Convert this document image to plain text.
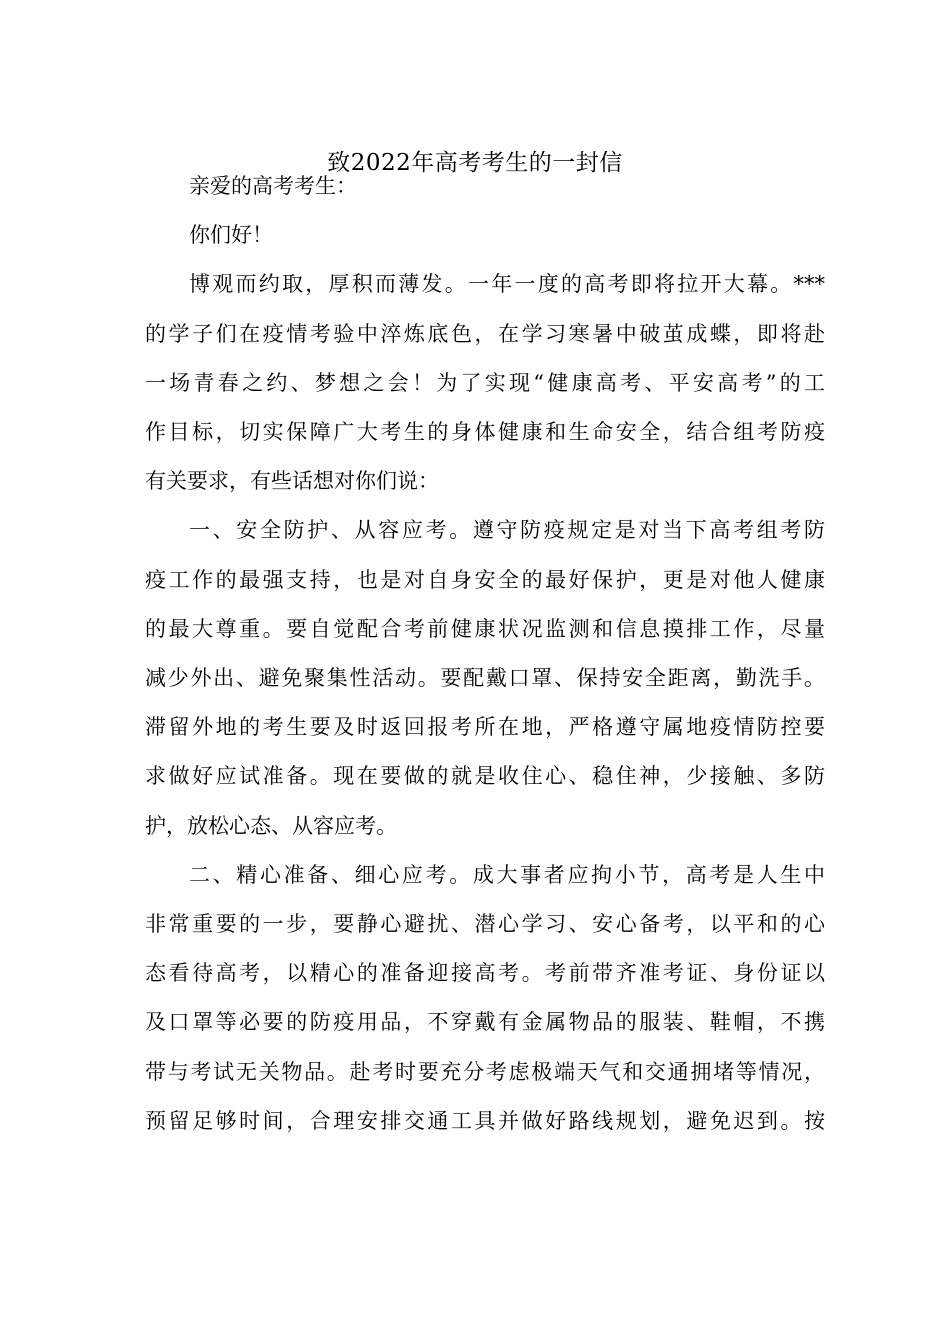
致2022年高考考生的一封信
亲爱的高考考生：
你们好！
博观而约取，厚积而薄发。一年一度的高考即将拉开大幕。***
的学子们在疫情考验中淬炼底色，在学习寒暑中破茧成蝶，即将赴
一场青春之约、梦想之会！为了实现“健康高考、平安高考”的工
作目标，切实保障广大考生的身体健康和生命安全，结合组考防疫
有关要求，有些话想对你们说：
一、安全防护、从容应考。遵守防疫规定是对当下高考组考防
疫工作的最强支持，也是对自身安全的最好保护，更是对他人健康
的最大尊重。要自觉配合考前健康状况监测和信息摸排工作，尽量
减少外出、避免聚集性活动。要配戴口罩、保持安全距离，勤洗手。
滞留外地的考生要及时返回报考所在地，严格遵守属地疫情防控要
求做好应试准备。现在要做的就是收住心、稳住神，少接触、多防
护，放松心态、从容应考。
二、精心准备、细心应考。成大事者应拘小节，高考是人生中
非常重要的一步，要静心避扰、潜心学习、安心备考，以平和的心
态看待高考，以精心的准备迎接高考。考前带齐准考证、身份证以
及口罩等必要的防疫用品，不穿戴有金属物品的服装、鞋帽，不携
带与考试无关物品。赴考时要充分考虑极端天气和交通拥堵等情况，
预留足够时间，合理安排交通工具并做好路线规划，避免迟到。按
